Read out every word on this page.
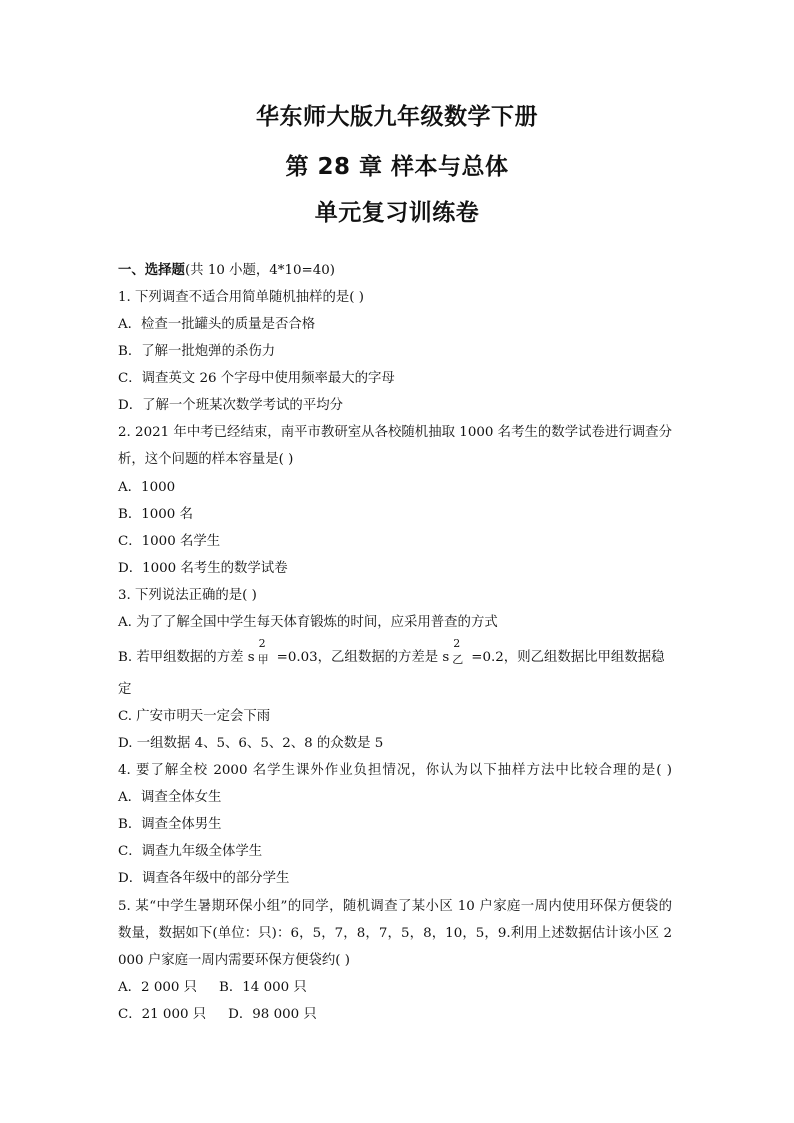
华东师大版九年级数学下册
第 28 章 样本与总体
单元复习训练卷
一、选择题(共 10 小题，4*10=40)
1. 下列调查不适合用简单随机抽样的是( )
A．检查一批罐头的质量是否合格
B．了解一批炮弹的杀伤力
C．调查英文 26 个字母中使用频率最大的字母
D．了解一个班某次数学考试的平均分
2. 2021 年中考已经结束，南平市教研室从各校随机抽取 1000 名考生的数学试卷进行调查分
析，这个问题的样本容量是( )
A．1000
B．1000 名
C．1000 名学生
D．1000 名考生的数学试卷
3. 下列说法正确的是( )
A. 为了了解全国中学生每天体育锻炼的时间，应采用普查的方式
B. 若甲组数据的方差 s
2
甲 =0.03，乙组数据的方差是 s
2
乙 =0.2，则乙组数据比甲组数据稳
定
C. 广安市明天一定会下雨
D. 一组数据 4、5、6、5、2、8 的众数是 5
4. 要了解全校 2000 名学生课外作业负担情况，你认为以下抽样方法中比较合理的是( )
A．调查全体女生
B．调查全体男生
C．调查九年级全体学生
D．调查各年级中的部分学生
5. 某“中学生暑期环保小组”的同学，随机调查了某小区 10 户家庭一周内使用环保方便袋的
数量，数据如下(单位：只)：6，5，7，8，7，5，8，10，5，9.利用上述数据估计该小区 2
000 户家庭一周内需要环保方便袋约( )
A．2 000 只 B．14 000 只
C．21 000 只 D．98 000 只
